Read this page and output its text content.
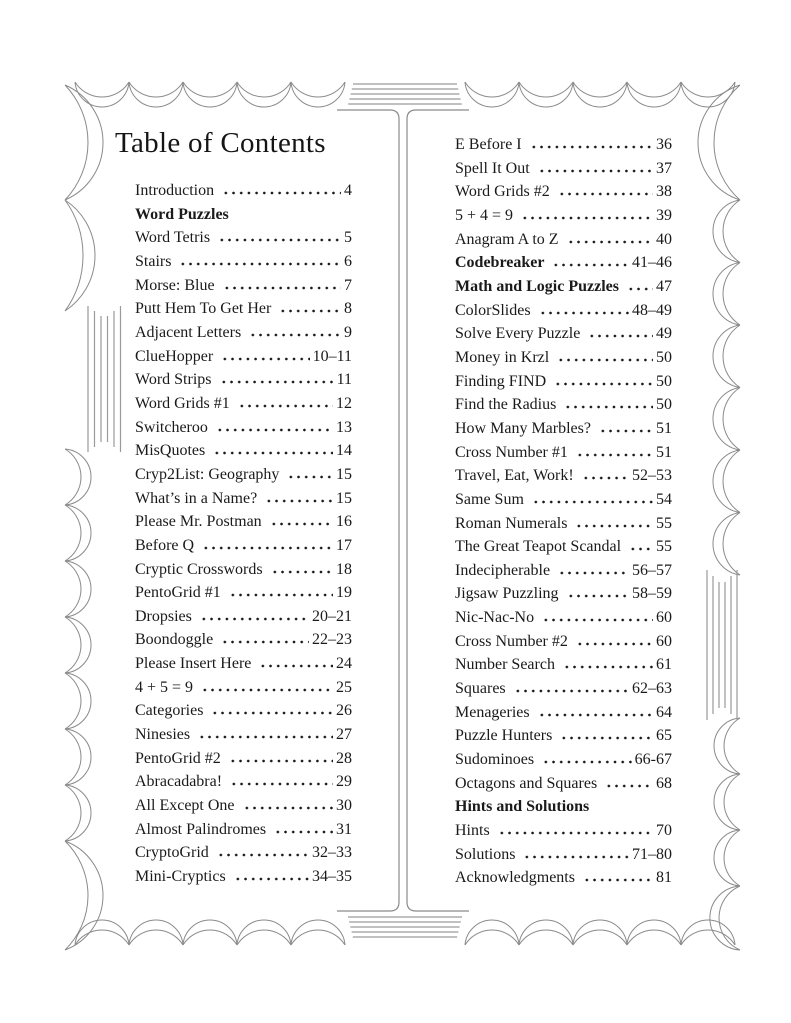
Table of Contents
Introduction	4
Word Puzzles
Word Tetris	5
Stairs	6
Morse: Blue	7
Putt Hem To Get Her	8
Adjacent Letters	9
ClueHopper	10–11
Word Strips	11
Word Grids #1	12
Switcheroo	13
MisQuotes	14
Cryp2List: Geography	15
What’s in a Name?	15
Please Mr. Postman	16
Before Q	17
Cryptic Crosswords	18
PentoGrid #1	19
Dropsies	20–21
Boondoggle	22–23
Please Insert Here	24
4 + 5 = 9	25
Categories	26
Ninesies	27
PentoGrid #2	28
Abracadabra!	29
All Except One	30
Almost Palindromes	31
CryptoGrid	32–33
Mini-Cryptics	34–35
E Before I	36
Spell It Out	37
Word Grids #2	38
5 + 4 = 9	39
Anagram A to Z	40
Codebreaker	41–46
Math and Logic Puzzles 47
ColorSlides	48–49
Solve Every Puzzle	49
Money in Krzl	50
Finding FIND	50
Find the Radius	50
How Many Marbles?	51
Cross Number #1	51
Travel, Eat, Work!	52–53
Same Sum	54
Roman Numerals	55
The Great Teapot Scandal 55
Indecipherable	56–57
Jigsaw Puzzling	58–59
Nic-Nac-No	60
Cross Number #2	60
Number Search	61
Squares	62–63
Menageries	64
Puzzle Hunters	65
Sudominoes	66-67
Octagons and Squares	68
Hints and Solutions
Hints	70
Solutions	71–80
Acknowledgments	81
